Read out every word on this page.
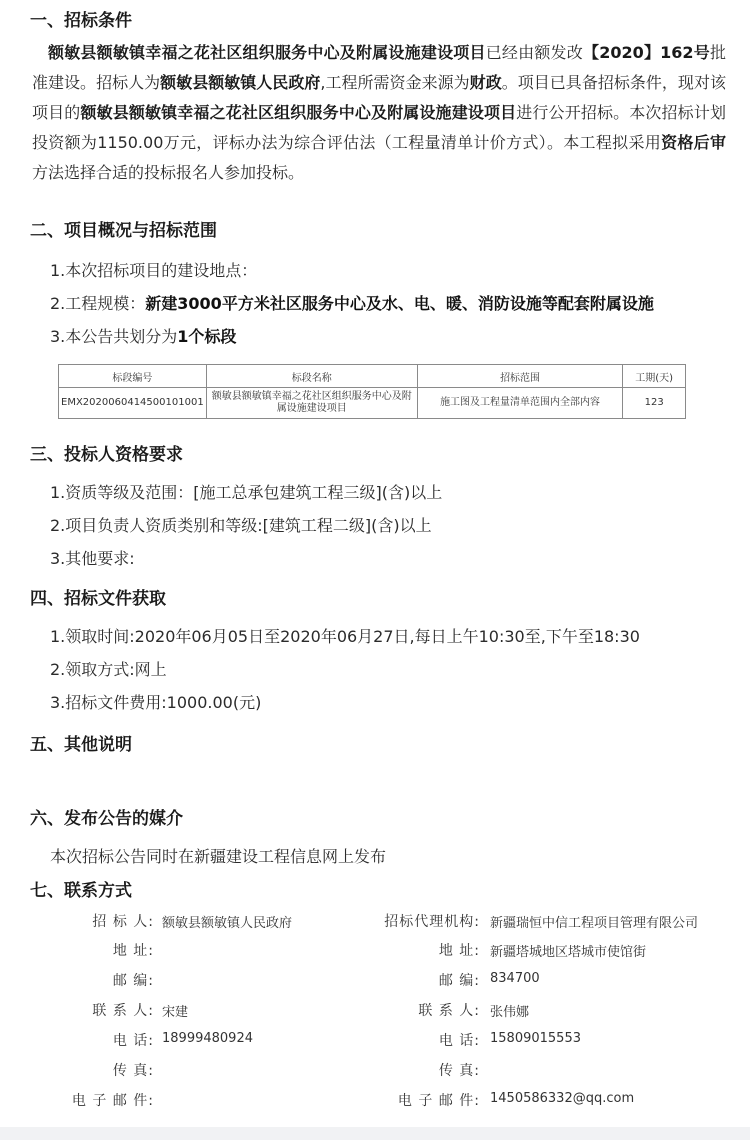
一、招标条件

额敏县额敏镇幸福之花社区组织服务中心及附属设施建设项目已经由额发改【2020】162号批准建设。招标人为额敏县额敏镇人民政府,工程所需资金来源为财政。项目已具备招标条件，现对该项目的额敏县额敏镇幸福之花社区组织服务中心及附属设施建设项目进行公开招标。本次招标计划投资额为1150.00万元，评标办法为综合评估法（工程量清单计价方式）。本工程拟采用资格后审方法选择合适的投标报名人参加投标。

二、项目概况与招标范围

1.本次招标项目的建设地点：

2.工程规模：新建3000平方米社区服务中心及水、电、暖、消防设施等配套附属设施

3.本公告共划分为1个标段

标段编号	标段名称	招标范围	工期(天)
EMX2020060414500101001	额敏县额敏镇幸福之花社区组织服务中心及附属设施建设项目	施工图及工程量清单范围内全部内容	123
三、投标人资格要求

1.资质等级及范围：[施工总承包建筑工程三级](含)以上

2.项目负责人资质类别和等级:[建筑工程二级](含)以上

3.其他要求:

四、招标文件获取

1.领取时间:2020年06月05日至2020年06月27日,每日上午10:30至,下午至18:30

2.领取方式:网上

3.招标文件费用:1000.00(元)

五、其他说明
六、发布公告的媒介

本次招标公告同时在新疆建设工程信息网上发布

七、联系方式
招 标 人: 额敏县额敏镇人民政府
地 址:
邮 编:
联 系 人: 宋建
电 话: 18999480924
传 真:
电 子 邮 件:
招标代理机构: 新疆瑞恒中信工程项目管理有限公司
地 址: 新疆塔城地区塔城市使馆街
邮 编: 834700
联 系 人: 张伟娜
电 话: 15809015553
传 真:
电 子 邮 件: 1450586332@qq.com
